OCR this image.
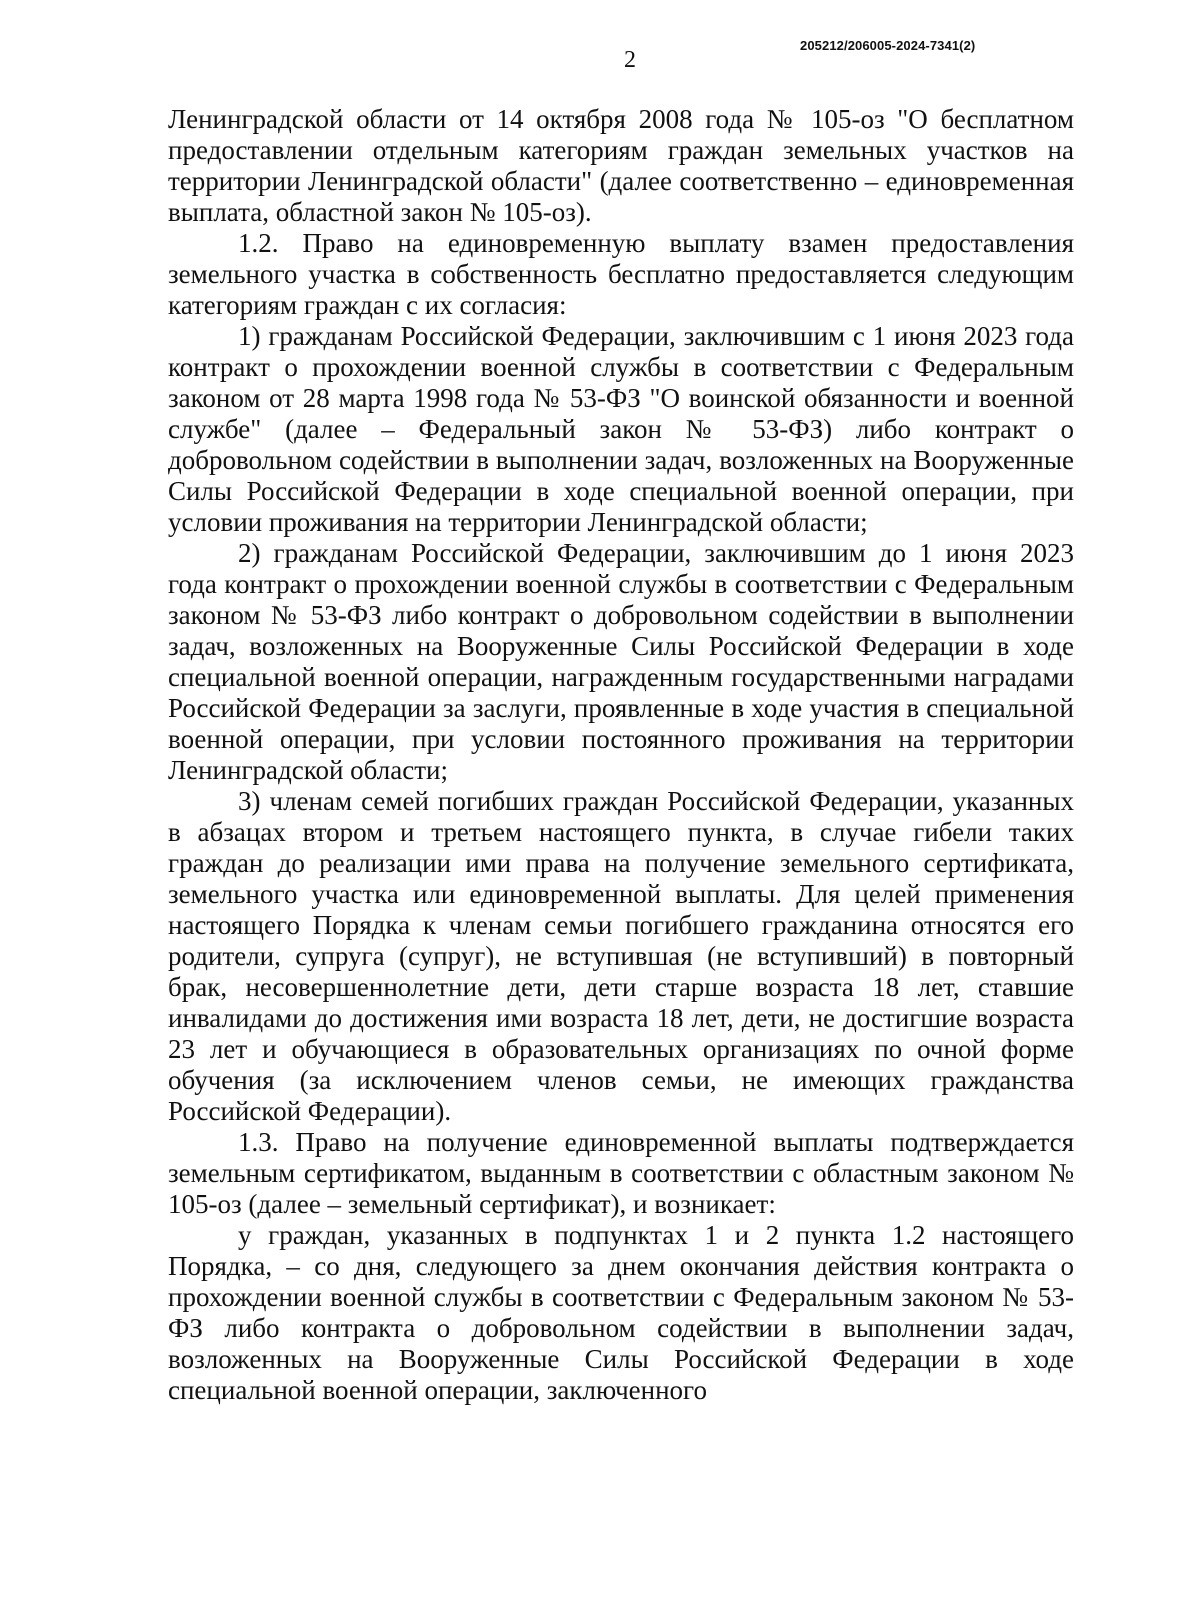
2
205212/206005-2024-7341(2)

Ленинградской области от 14 октября 2008 года № 105-оз "О бесплатном предоставлении отдельным категориям граждан земельных участков на территории Ленинградской области" (далее соответственно – единовременная выплата, областной закон № 105-оз).

1.2. Право на единовременную выплату взамен предоставления земельного участка в собственность бесплатно предоставляется следующим категориям граждан с их согласия:

1) гражданам Российской Федерации, заключившим с 1 июня 2023 года контракт о прохождении военной службы в соответствии с Федеральным законом от 28 марта 1998 года № 53-ФЗ "О воинской обязанности и военной службе" (далее – Федеральный закон № 53-ФЗ) либо контракт о добровольном содействии в выполнении задач, возложенных на Вооруженные Силы Российской Федерации в ходе специальной военной операции, при условии проживания на территории Ленинградской области;

2) гражданам Российской Федерации, заключившим до 1 июня 2023 года контракт о прохождении военной службы в соответствии с Федеральным законом № 53-ФЗ либо контракт о добровольном содействии в выполнении задач, возложенных на Вооруженные Силы Российской Федерации в ходе специальной военной операции, награжденным государственными наградами Российской Федерации за заслуги, проявленные в ходе участия в специальной военной операции, при условии постоянного проживания на территории Ленинградской области;

3) членам семей погибших граждан Российской Федерации, указанных в абзацах втором и третьем настоящего пункта, в случае гибели таких граждан до реализации ими права на получение земельного сертификата, земельного участка или единовременной выплаты. Для целей применения настоящего Порядка к членам семьи погибшего гражданина относятся его родители, супруга (супруг), не вступившая (не вступивший) в повторный брак, несовершеннолетние дети, дети старше возраста 18 лет, ставшие инвалидами до достижения ими возраста 18 лет, дети, не достигшие возраста 23 лет и обучающиеся в образовательных организациях по очной форме обучения (за исключением членов семьи, не имеющих гражданства Российской Федерации).

1.3. Право на получение единовременной выплаты подтверждается земельным сертификатом, выданным в соответствии с областным законом № 105-оз (далее – земельный сертификат), и возникает:

у граждан, указанных в подпунктах 1 и 2 пункта 1.2 настоящего Порядка, – со дня, следующего за днем окончания действия контракта о прохождении военной службы в соответствии с Федеральным законом № 53-ФЗ либо контракта о добровольном содействии в выполнении задач, возложенных на Вооруженные Силы Российской Федерации в ходе специальной военной операции, заключенного
